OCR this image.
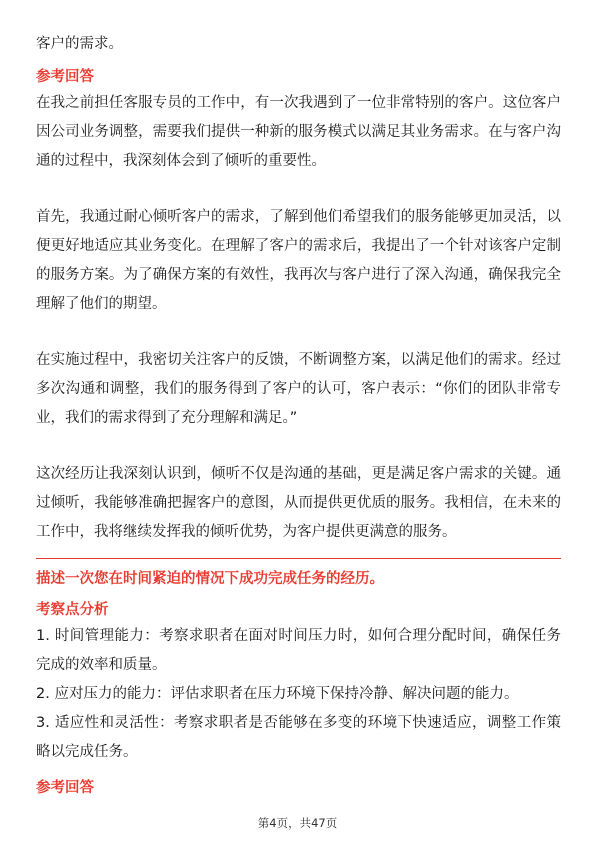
客户的需求。

参考回答

在我之前担任客服专员的工作中，有一次我遇到了一位非常特别的客户。这位客户因公司业务调整，需要我们提供一种新的服务模式以满足其业务需求。在与客户沟通的过程中，我深刻体会到了倾听的重要性。

首先，我通过耐心倾听客户的需求，了解到他们希望我们的服务能够更加灵活，以便更好地适应其业务变化。在理解了客户的需求后，我提出了一个针对该客户定制的服务方案。为了确保方案的有效性，我再次与客户进行了深入沟通，确保我完全理解了他们的期望。

在实施过程中，我密切关注客户的反馈，不断调整方案，以满足他们的需求。经过多次沟通和调整，我们的服务得到了客户的认可，客户表示：“你们的团队非常专业，我们的需求得到了充分理解和满足。”

这次经历让我深刻认识到，倾听不仅是沟通的基础，更是满足客户需求的关键。通过倾听，我能够准确把握客户的意图，从而提供更优质的服务。我相信，在未来的工作中，我将继续发挥我的倾听优势，为客户提供更满意的服务。

描述一次您在时间紧迫的情况下成功完成任务的经历。

考察点分析

1. 时间管理能力：考察求职者在面对时间压力时，如何合理分配时间，确保任务完成的效率和质量。

2. 应对压力的能力：评估求职者在压力环境下保持冷静、解决问题的能力。

3. 适应性和灵活性：考察求职者是否能够在多变的环境下快速适应，调整工作策略以完成任务。

参考回答

第4页，共47页
